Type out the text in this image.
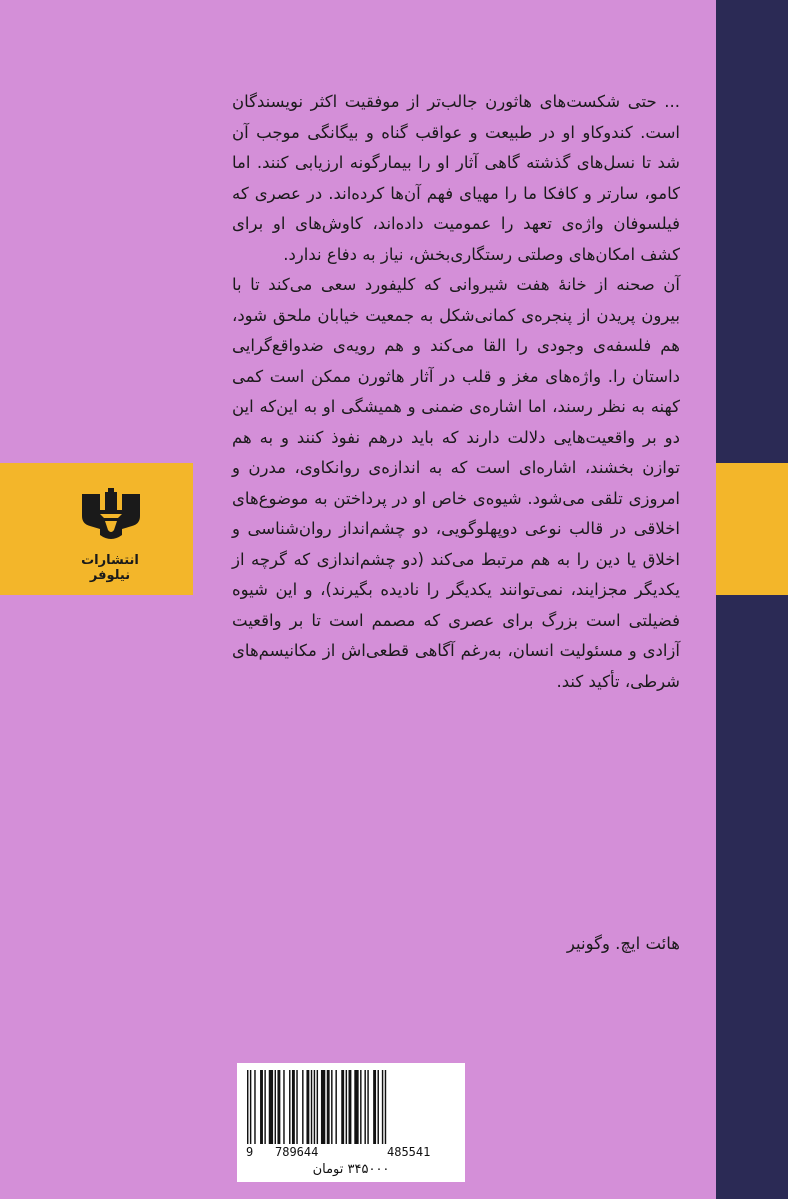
انتشارات نیلوفر

... حتی شکست‌های هاثورن جالب‌تر از موفقیت اکثر نویسندگان است. کندوکاو او در طبیعت و عواقب گناه و بیگانگی موجب آن شد تا نسل‌های گذشته گاهی آثار او را بیمارگونه ارزیابی کنند. اما کامو، سارتر و کافکا ما را مهیای فهم آن‌ها کرده‌اند. در عصری که فیلسوفان واژه‌ی تعهد را عمومیت داده‌اند، کاوش‌های او برای کشف امکان‌های وصلتی رستگاری‌بخش، نیاز به دفاع ندارد.

آن صحنه از خانهٔ هفت شیروانی که کلیفورد سعی می‌کند تا با بیرون پریدن از پنجره‌ی کمانی‌شکل به جمعیت خیابان ملحق شود، هم فلسفه‌ی وجودی را القا می‌کند و هم رویه‌ی ضدواقع‌گرایی داستان را. واژه‌های مغز و قلب در آثار هاثورن ممکن است کمی کهنه به نظر رسند، اما اشاره‌ی ضمنی و همیشگی او به این‌که این دو بر واقعیت‌هایی دلالت دارند که باید درهم نفوذ کنند و به هم توازن بخشند، اشاره‌ای است که به اندازه‌ی روانکاوی، مدرن و امروزی تلقی می‌شود. شیوه‌ی خاص او در پرداختن به موضوع‌های اخلاقی در قالب نوعی دوپهلوگویی، دو چشم‌انداز روان‌شناسی و اخلاق یا دین را به هم مرتبط می‌کند (دو چشم‌اندازی که گرچه از یکدیگر مجزایند، نمی‌توانند یکدیگر را نادیده بگیرند)، و این شیوه فضیلتی است بزرگ برای عصری که مصمم است تا بر واقعیت آزادی و مسئولیت انسان، به‌رغم آگاهی قطعی‌اش از مکانیسم‌های شرطی، تأکید کند.

هائت ایچ. وگونیر
9 789644	485541
۳۴۵۰۰۰ تومان
